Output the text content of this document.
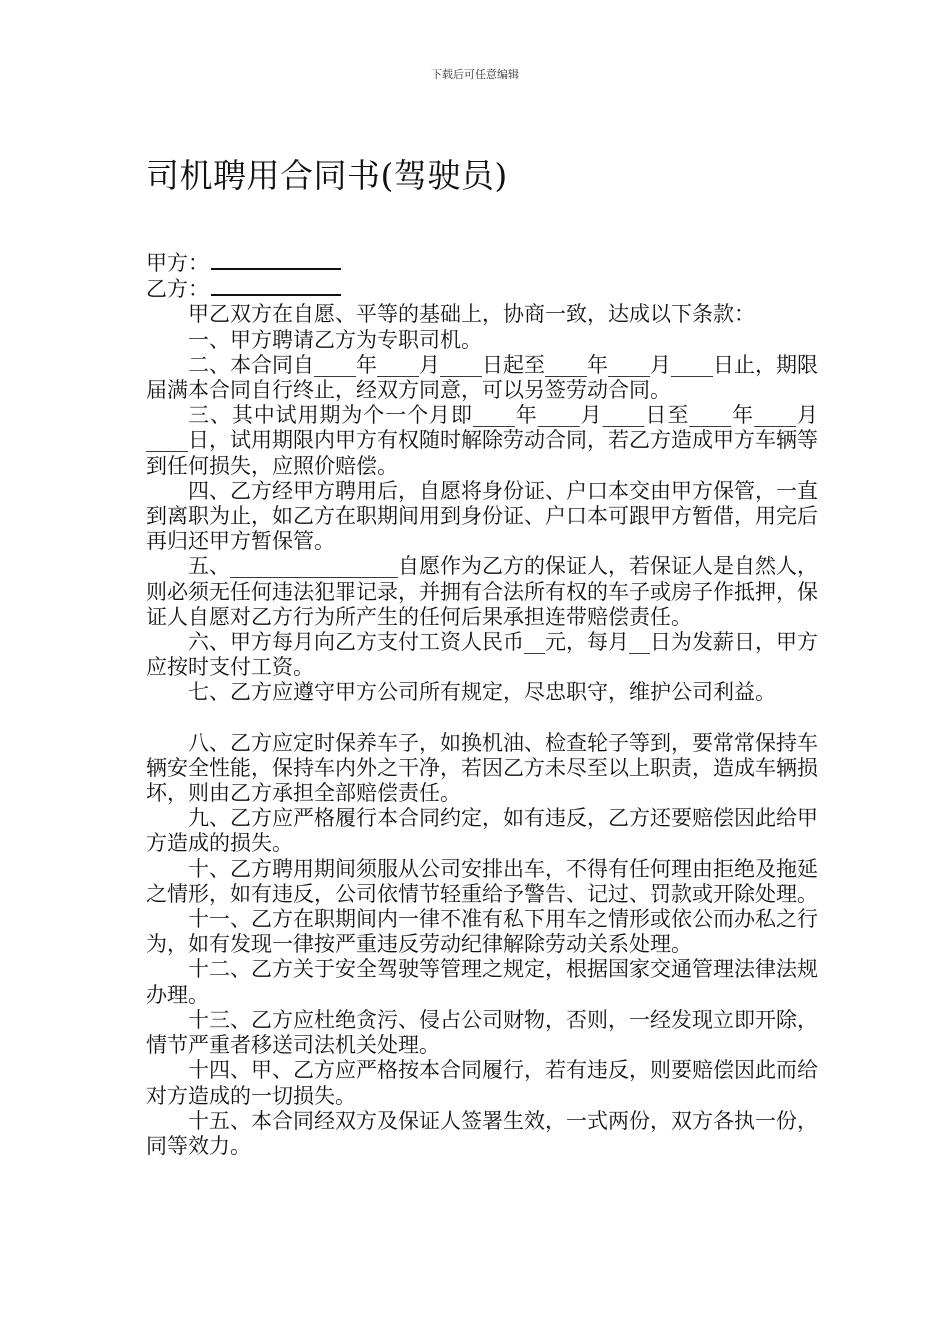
下载后可任意编辑
司机聘用合同书(驾驶员)
甲方：
乙方：

甲乙双方在自愿、平等的基础上，协商一致，达成以下条款：

一、甲方聘请乙方为专职司机。

二、本合同自____年____月____日起至____年____月____日止，期限届满本合同自行终止，经双方同意，可以另签劳动合同。

三、其中试用期为个一个月即____年____月____日至____年____月____日，试用期限内甲方有权随时解除劳动合同，若乙方造成甲方车辆等到任何损失，应照价赔偿。

四、乙方经甲方聘用后，自愿将身份证、户口本交由甲方保管，一直到离职为止，如乙方在职期间用到身份证、户口本可跟甲方暂借，用完后再归还甲方暂保管。

五、________________自愿作为乙方的保证人，若保证人是自然人，则必须无任何违法犯罪记录，并拥有合法所有权的车子或房子作抵押，保证人自愿对乙方行为所产生的任何后果承担连带赔偿责任。

六、甲方每月向乙方支付工资人民币__元，每月__日为发薪日，甲方应按时支付工资。

七、乙方应遵守甲方公司所有规定，尽忠职守，维护公司利益。

八、乙方应定时保养车子，如换机油、检查轮子等到，要常常保持车辆安全性能，保持车内外之干净，若因乙方未尽至以上职责，造成车辆损坏，则由乙方承担全部赔偿责任。

九、乙方应严格履行本合同约定，如有违反，乙方还要赔偿因此给甲方造成的损失。

十、乙方聘用期间须服从公司安排出车，不得有任何理由拒绝及拖延之情形，如有违反，公司依情节轻重给予警告、记过、罚款或开除处理。

十一、乙方在职期间内一律不准有私下用车之情形或依公而办私之行为，如有发现一律按严重违反劳动纪律解除劳动关系处理。

十二、乙方关于安全驾驶等管理之规定，根据国家交通管理法律法规办理。

十三、乙方应杜绝贪污、侵占公司财物，否则，一经发现立即开除，情节严重者移送司法机关处理。

十四、甲、乙方应严格按本合同履行，若有违反，则要赔偿因此而给对方造成的一切损失。

十五、本合同经双方及保证人签署生效，一式两份，双方各执一份，同等效力。
